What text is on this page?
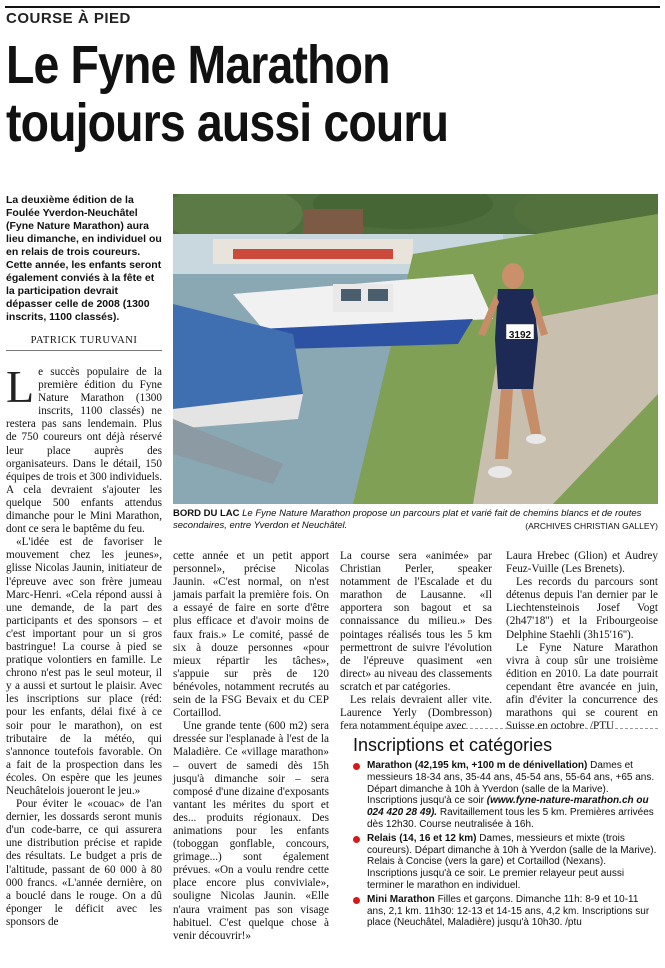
COURSE À PIED
Le Fyne Marathon
toujours aussi couru
La deuxième édition de la Foulée Yverdon-Neuchâtel (Fyne Nature Marathon) aura lieu dimanche, en individuel ou en relais de trois coureurs. Cette année, les enfants seront également conviés à la fête et la participation devrait dépasser celle de 2008 (1300 inscrits, 1100 classés).
PATRICK TURUVANI

Le succès populaire de la première édition du Fyne Nature Marathon (1300 inscrits, 1100 classés) ne restera pas sans lendemain. Plus de 750 coureurs ont déjà réservé leur place auprès des organisateurs. Dans le détail, 150 équipes de trois et 300 individuels. A cela devraient s'ajouter les quelque 500 enfants attendus dimanche pour le Mini Marathon, dont ce sera le baptême du feu.

«L'idée est de favoriser le mouvement chez les jeunes», glisse Nicolas Jaunin, initiateur de l'épreuve avec son frère jumeau Marc-Henri. «Cela répond aussi à une demande, de la part des participants et des sponsors – et c'est important pour un si gros bastringue! La course à pied se pratique volontiers en famille. Le chrono n'est pas le seul moteur, il y a aussi et surtout le plaisir. Avec les inscriptions sur place (réd: pour les enfants, délai fixé à ce soir pour le marathon), on est tributaire de la météo, qui s'annonce toutefois favorable. On a fait de la prospection dans les écoles. On espère que les jeunes Neuchâtelois joueront le jeu.»

Pour éviter le «couac» de l'an dernier, les dossards seront munis d'un code-barre, ce qui assurera une distribution précise et rapide des résultats. Le budget a pris de l'altitude, passant de 60 000 à 80 000 francs. «L'année dernière, on a bouclé dans le rouge. On a dû éponger le déficit avec les sponsors de

3192
BORD DU LAC Le Fyne Nature Marathon propose un parcours plat et varié fait de chemins blancs et de routes secondaires, entre Yverdon et Neuchâtel.	(ARCHIVES CHRISTIAN GALLEY)

cette année et un petit apport personnel», précise Nicolas Jaunin. «C'est normal, on n'est jamais parfait la première fois. On a essayé de faire en sorte d'être plus efficace et d'avoir moins de faux frais.» Le comité, passé de six à douze personnes «pour mieux répartir les tâches», s'appuie sur près de 120 bénévoles, notamment recrutés au sein de la FSG Bevaix et du CEP Cortaillod.

Une grande tente (600 m2) sera dressée sur l'esplanade à l'est de la Maladière. Ce «village marathon» – ouvert de samedi dès 15h jusqu'à dimanche soir – sera composé d'une dizaine d'exposants vantant les mérites du sport et des... produits régionaux. Des animations pour les enfants (toboggan gonflable, concours, grimage...) sont également prévues. «On a voulu rendre cette place encore plus conviviale», souligne Nicolas Jaunin. «Elle n'aura vraiment pas son visage habituel. C'est quelque chose à venir découvrir!»

La course sera «animée» par Christian Perler, speaker notamment de l'Escalade et du marathon de Lausanne. «Il apportera son bagout et sa connaissance du milieu.» Des pointages réalisés tous les 5 km permettront de suivre l'évolution de l'épreuve quasiment «en direct» au niveau des classements scratch et par catégories.

Les relais devraient aller vite. Laurence Yerly (Dombresson) fera notamment équipe avec

Laura Hrebec (Glion) et Audrey Feuz-Vuille (Les Brenets).

Les records du parcours sont détenus depuis l'an dernier par le Liechtensteinois Josef Vogt (2h47'18'') et la Fribourgeoise Delphine Staehli (3h15'16'').

Le Fyne Nature Marathon vivra à coup sûr une troisième édition en 2010. La date pourrait cependant être avancée en juin, afin d'éviter la concurrence des marathons qui se courent en Suisse en octobre. /PTU

Inscriptions et catégories
Marathon (42,195 km, +100 m de dénivellation) Dames et messieurs 18-34 ans, 35-44 ans, 45-54 ans, 55-64 ans, +65 ans. Départ dimanche à 10h à Yverdon (salle de la Marive). Inscriptions jusqu'à ce soir (www.fyne-nature-marathon.ch ou 024 420 28 49). Ravitaillement tous les 5 km. Premières arrivées dès 12h30. Course neutralisée à 16h.
Relais (14, 16 et 12 km) Dames, messieurs et mixte (trois coureurs). Départ dimanche à 10h à Yverdon (salle de la Marive). Relais à Concise (vers la gare) et Cortaillod (Nexans). Inscriptions jusqu'à ce soir. Le premier relayeur peut aussi terminer le marathon en individuel.
Mini Marathon Filles et garçons. Dimanche 11h: 8-9 et 10-11 ans, 2,1 km. 11h30: 12-13 et 14-15 ans, 4,2 km. Inscriptions sur place (Neuchâtel, Maladière) jusqu'à 10h30. /ptu
